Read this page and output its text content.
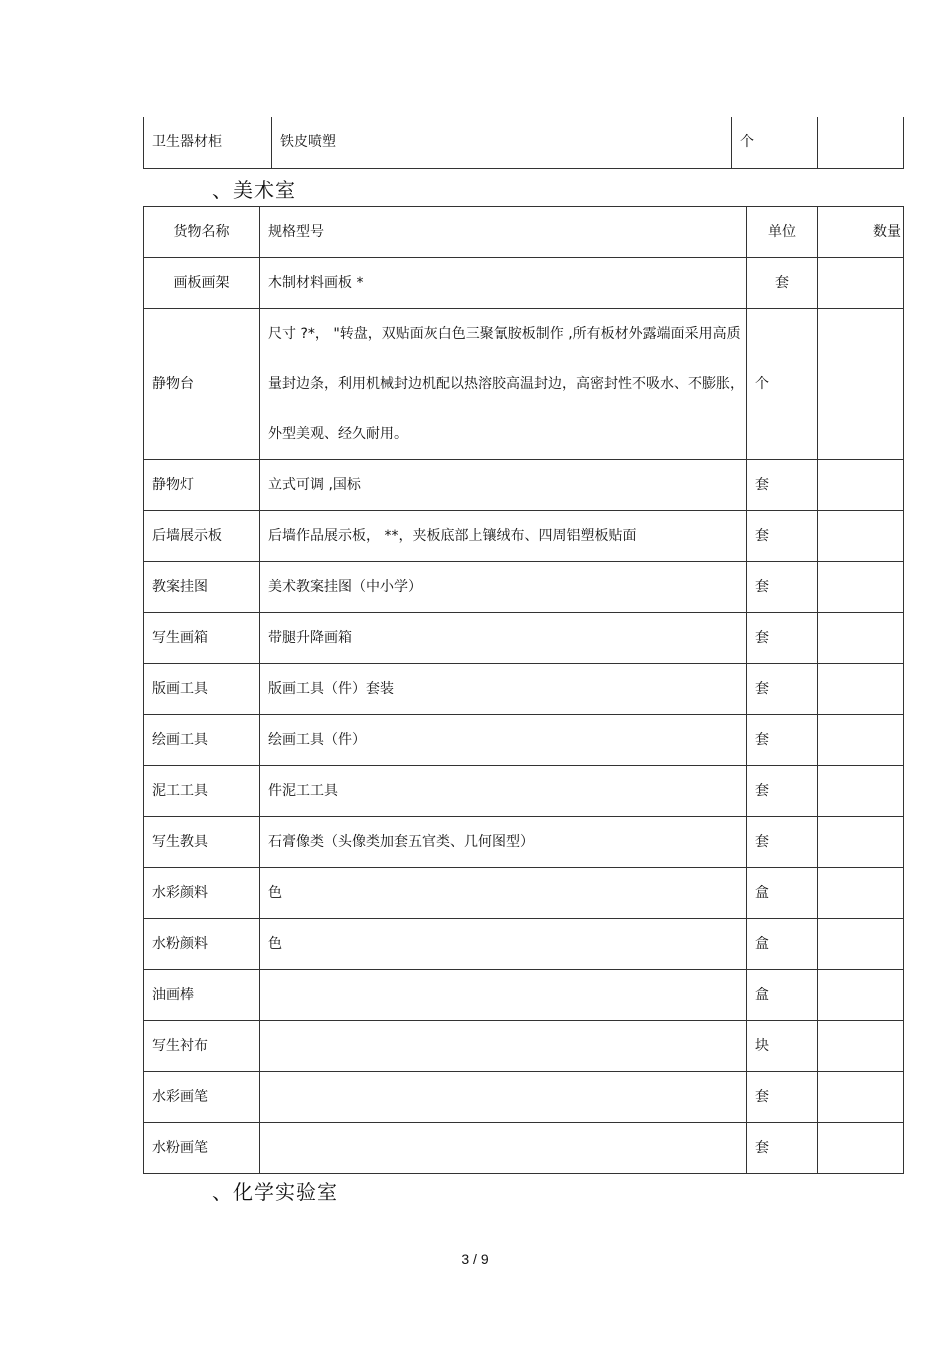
卫生器材柜	铁皮喷塑	个	
、美术室
货物名称	规格型号	单位	数量
画板画架	木制材料画板 *	套	
静物台	尺寸 ?*， "转盘，双贴面灰白色三聚氰胺板制作 ,所有板材外露端面采用高质量封边条，利用机械封边机配以热溶胶高温封边，高密封性不吸水、不膨胀，外型美观、经久耐用。	个	
静物灯	立式可调 ,国标	套	
后墙展示板	后墙作品展示板， **，夹板底部上镶绒布、四周铝塑板贴面	套	
教案挂图	美术教案挂图（中小学）	套	
写生画箱	带腿升降画箱	套	
版画工具	版画工具（件）套装	套	
绘画工具	绘画工具（件）	套	
泥工工具	件泥工工具	套	
写生教具	石膏像类（头像类加套五官类、几何图型）	套	
水彩颜料	色	盒	
水粉颜料	色	盒	
油画棒		盒	
写生衬布		块	
水彩画笔		套	
水粉画笔		套	
、化学实验室
3 / 9
